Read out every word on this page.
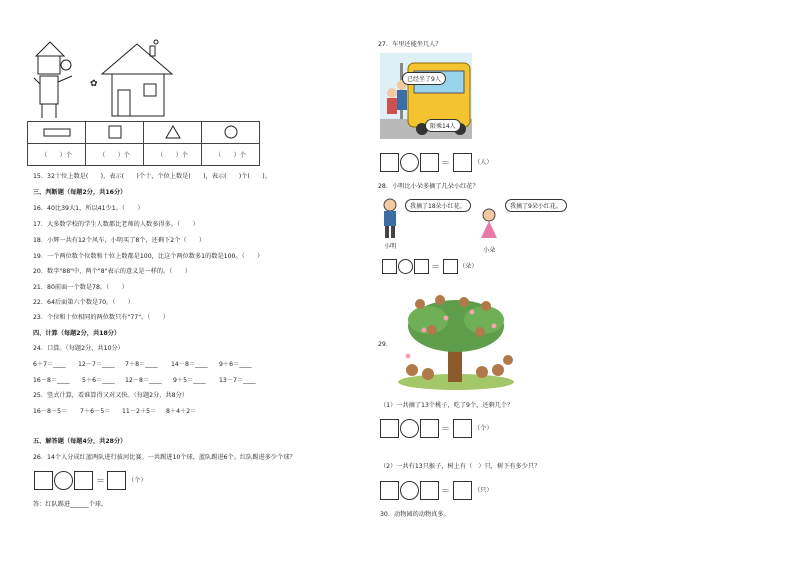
✿

（　　）个	（　　）个	（　　）个	（　　）个
15．32十位上数是(　　)，表示(　　)个十，个位上数是(　　)，表示(　　)个(　　)。
三、判断题（每题2分，共16分）
16．40比39大1，所以41少1。（　　）
17．大多数学校的学生人数都比老师的人数多得多。（　　）
18．小辉一共有12个风车，小明买了8个，还剩下2个（　　）
19．一个两位数个位数和十位上数都是100，比这个两位数多1的数是100。（　　）
20．数字"88"中，两个"8"表示的意义是一样的。（　　）
21．80前面一个数是78。（　　）
22．64后面第六个数是70。（　　）
23．个位和十位相同的两位数只有"77"。（　　）
四、计算（每题2分，共18分）
24．口算。（每题2分，共10分）
6＋7＝____ 12－7＝____ 7＋8＝____ 14－8＝____ 9＋6＝____
16－8＝____ 5＋6＝____ 12－8＝____ 9＋5＝____ 13－7＝____
25．竖式计算，看谁算得又对又快。（每题2分，共8分）
16－8－5＝ 7＋6－5＝ 11－2＋5＝ 8＋4＋2＝
五、解答题（每题4分，共28分）
26．14个人分成红蓝两队进行拔河比赛。一共踢进10个球，蓝队踢进6个。红队踢进多少个球？
＝	（个）
答：红队踢进______个球。
27．车里还能坐几人？
已经坐了9人
限乘14人
＝	（人）
28．小明比小朵多摘了几朵小红花？
我摘了18朵小红花。	我摘了9朵小红花。
小明
小朵
＝	（朵）
29．
（1）一共摘了13个桃子，吃了9个，还剩几个？
＝	（个）
（2）一共有13只猴子，树上有（　）只，树下有多少只？
＝	（只）
30．动物园的动物真多。
